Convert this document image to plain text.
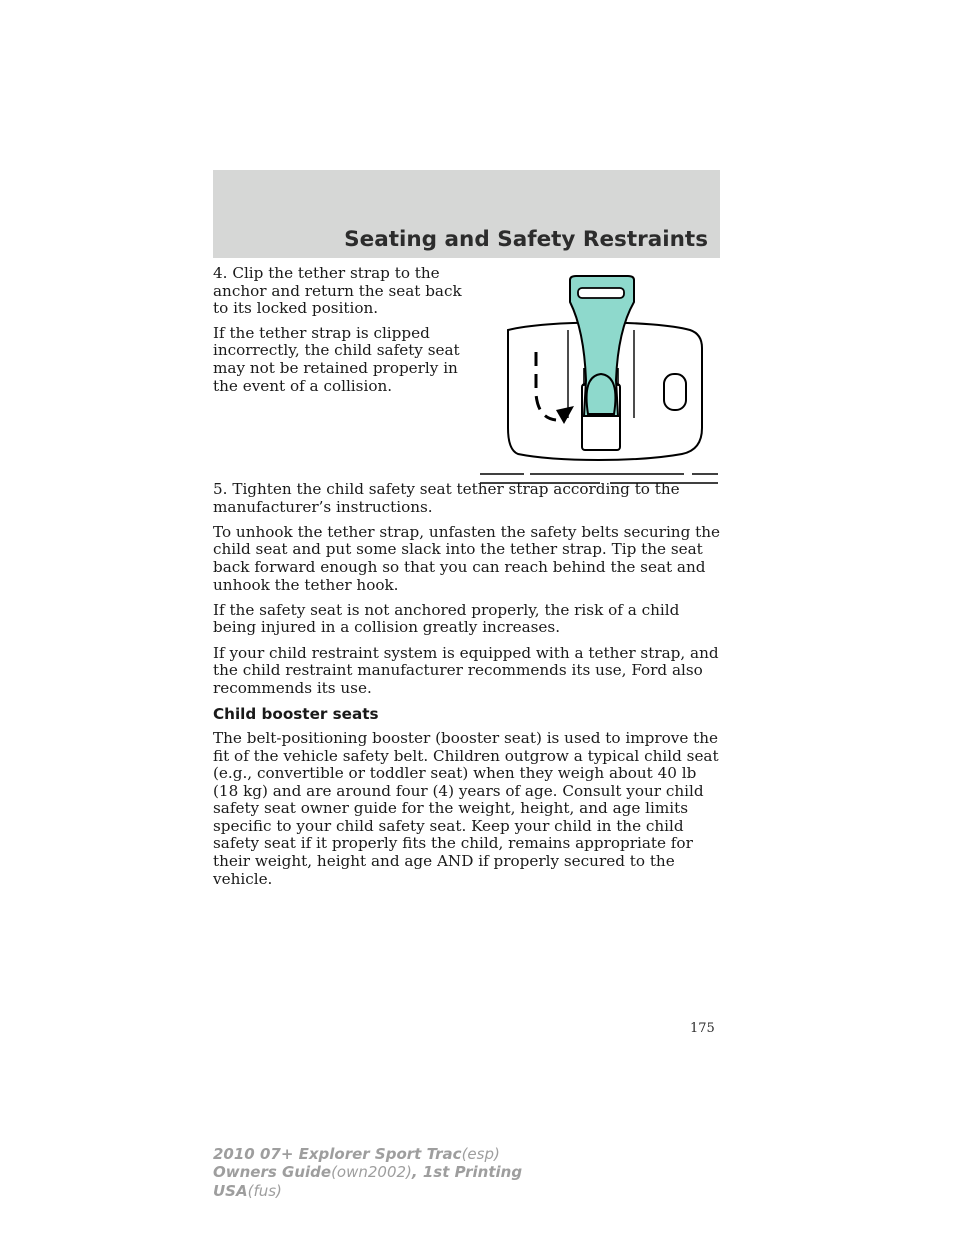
Seating and Safety Restraints

4. Clip the tether strap to the anchor and return the seat back to its locked position.

If the tether strap is clipped incorrectly, the child safety seat may not be retained properly in the event of a collision.

5. Tighten the child safety seat tether strap according to the manufacturer’s instructions.

To unhook the tether strap, unfasten the safety belts securing the child seat and put some slack into the tether strap. Tip the seat back forward enough so that you can reach behind the seat and unhook the tether hook.

If the safety seat is not anchored properly, the risk of a child being injured in a collision greatly increases.

If your child restraint system is equipped with a tether strap, and the child restraint manufacturer recommends its use, Ford also recommends its use.

Child booster seats

The belt-positioning booster (booster seat) is used to improve the fit of the vehicle safety belt. Children outgrow a typical child seat (e.g., convertible or toddler seat) when they weigh about 40 lb (18 kg) and are around four (4) years of age. Consult your child safety seat owner guide for the weight, height, and age limits specific to your child safety seat. Keep your child in the child safety seat if it properly fits the child, remains appropriate for their weight, height and age AND if properly secured to the vehicle.

175
2010 07+ Explorer Sport Trac(esp)
Owners Guide(own2002), 1st Printing
USA(fus)
